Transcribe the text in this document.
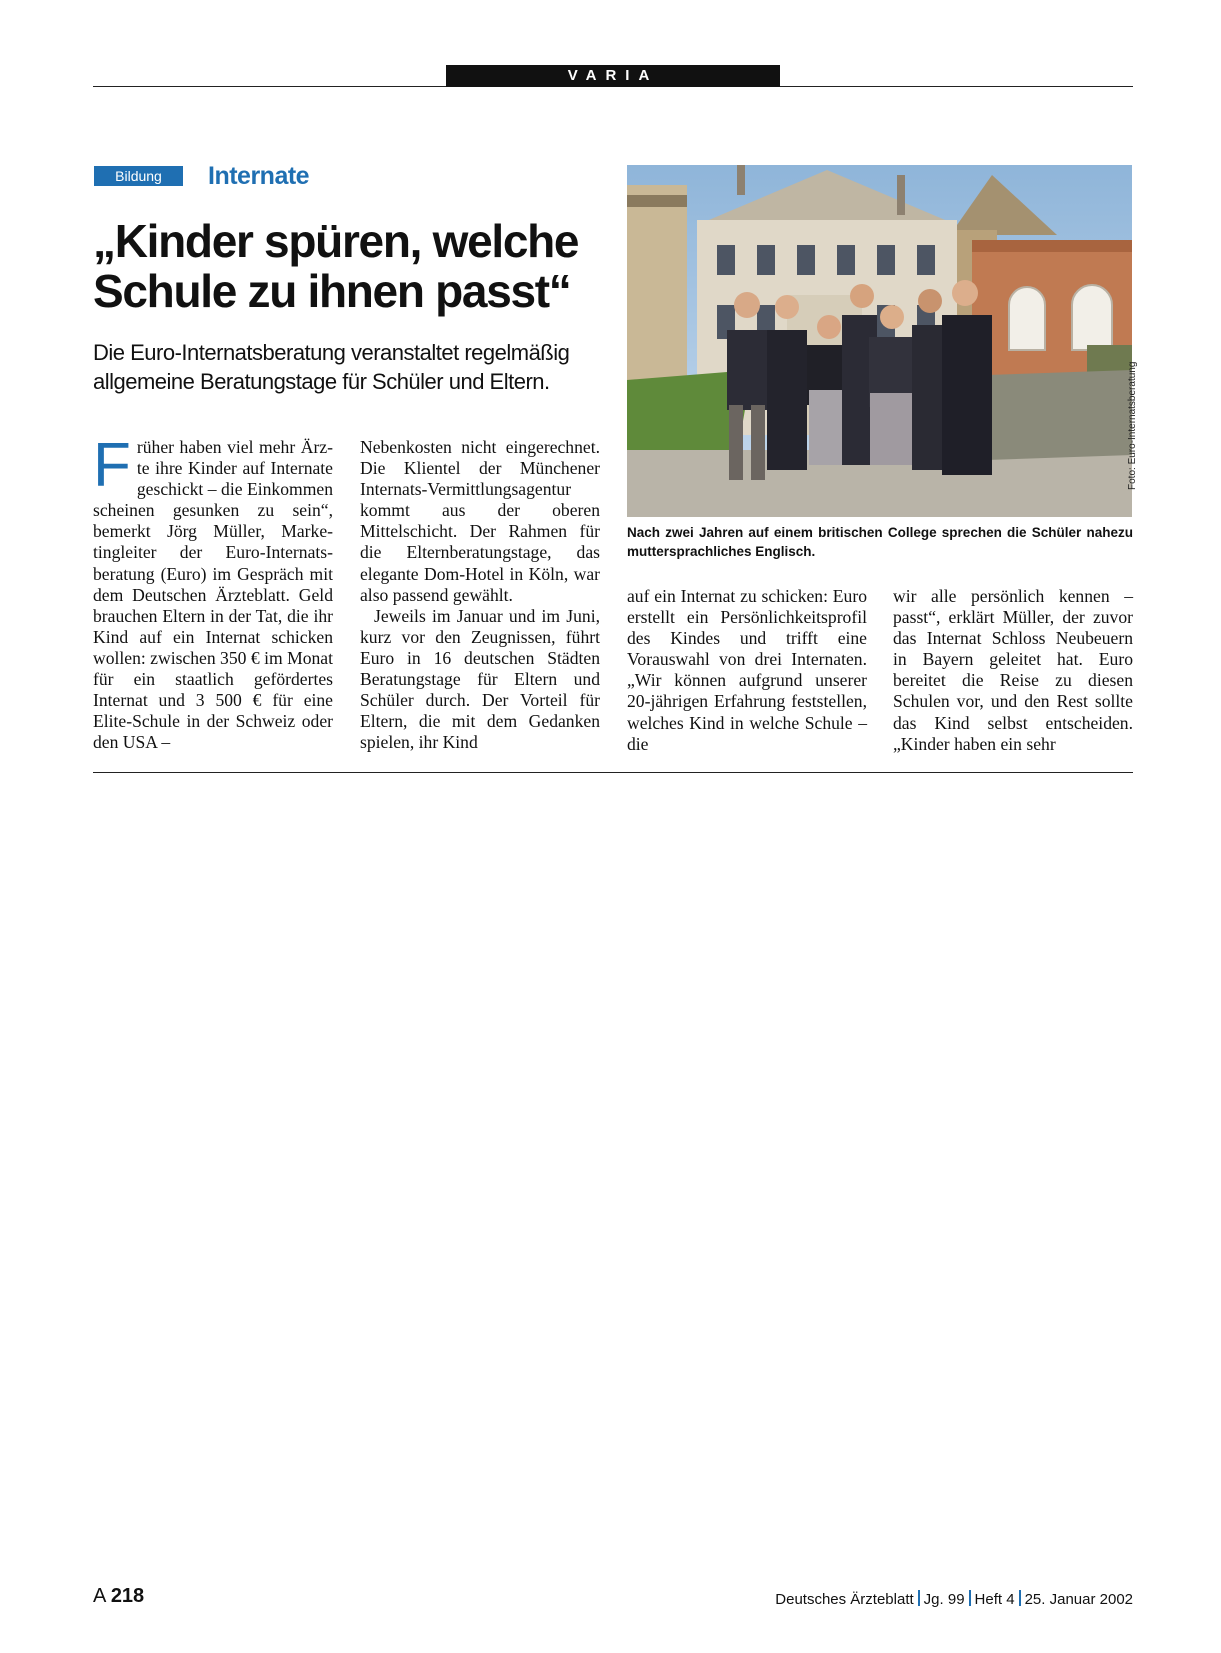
VARIA
Bildung	Internate
„Kinder spüren, welche
Schule zu ihnen passt“

Die Euro-Internatsberatung veranstaltet regelmäßig allgemeine Beratungstage für Schüler und Eltern.	Foto: Euro-Internatsberatung

Nach zwei Jahren auf einem britischen College sprechen die Schüler nahezu muttersprachliches Englisch.

Früher haben viel mehr Ärzte ihre Kinder auf Internate geschickt – die Einkommen scheinen gesunken zu sein“, bemerkt Jörg Müller, Marketingleiter der Euro-Internatsberatung (Euro) im Gespräch mit dem Deutschen Ärzteblatt. Geld brauchen Eltern in der Tat, die ihr Kind auf ein Internat schicken wollen: zwischen 350 € im Monat für ein staatlich gefördertes Internat und 3 500 € für eine Elite-Schule in der Schweiz oder den USA –

Nebenkosten nicht eingerechnet. Die Klientel der Münchener Internats-Vermittlungsagentur kommt aus der oberen Mittelschicht. Der Rahmen für die Elternberatungstage, das elegante Dom-Hotel in Köln, war also passend gewählt.

Jeweils im Januar und im Juni, kurz vor den Zeugnissen, führt Euro in 16 deutschen Städten Beratungstage für Eltern und Schüler durch. Der Vorteil für Eltern, die mit dem Gedanken spielen, ihr Kind

auf ein Internat zu schicken: Euro erstellt ein Persönlichkeitsprofil des Kindes und trifft eine Vorauswahl von drei Internaten. „Wir können aufgrund unserer 20-jährigen Erfahrung feststellen, welches Kind in welche Schule – die

wir alle persönlich kennen – passt“, erklärt Müller, der zuvor das Internat Schloss Neubeuern in Bayern geleitet hat. Euro bereitet die Reise zu diesen Schulen vor, und den Rest sollte das Kind selbst entscheiden. „Kinder haben ein sehr

A 218	Deutsches Ärzteblatt Jg. 99 Heft 4 25. Januar 2002
